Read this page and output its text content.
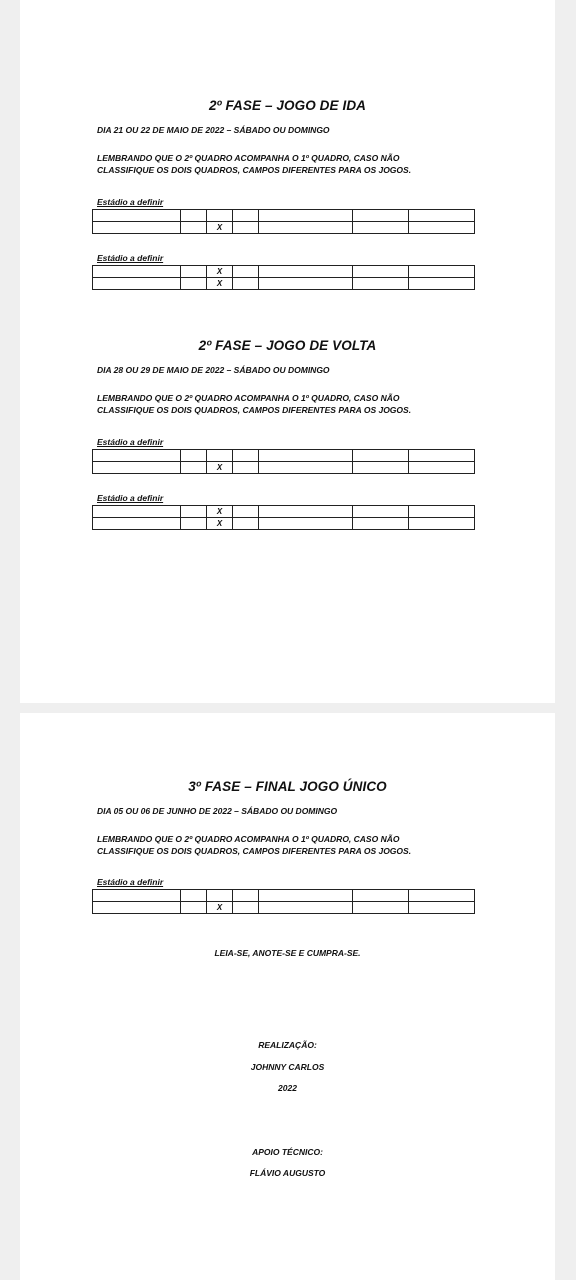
2º FASE – JOGO DE IDA
DIA 21 OU 22 DE MAIO DE 2022 – SÁBADO OU DOMINGO
LEMBRANDO QUE O 2º QUADRO ACOMPANHA O 1º QUADRO, CASO NÃO
CLASSIFIQUE OS DOIS QUADROS, CAMPOS DIFERENTES PARA OS JOGOS.
Estádio a definir

		X				
Estádio a definir
		X				
		X				
2º FASE – JOGO DE VOLTA
DIA 28 OU 29 DE MAIO DE 2022 – SÁBADO OU DOMINGO
LEMBRANDO QUE O 2º QUADRO ACOMPANHA O 1º QUADRO, CASO NÃO
CLASSIFIQUE OS DOIS QUADROS, CAMPOS DIFERENTES PARA OS JOGOS.
Estádio a definir

		X				
Estádio a definir
		X				
		X				
3º FASE – FINAL JOGO ÚNICO
DIA 05 OU 06 DE JUNHO DE 2022 – SÁBADO OU DOMINGO
LEMBRANDO QUE O 2º QUADRO ACOMPANHA O 1º QUADRO, CASO NÃO
CLASSIFIQUE OS DOIS QUADROS, CAMPOS DIFERENTES PARA OS JOGOS.
Estádio a definir

		X				
LEIA-SE, ANOTE-SE E CUMPRA-SE.
REALIZAÇÃO:
JOHNNY CARLOS
2022
APOIO TÉCNICO:
FLÁVIO AUGUSTO
